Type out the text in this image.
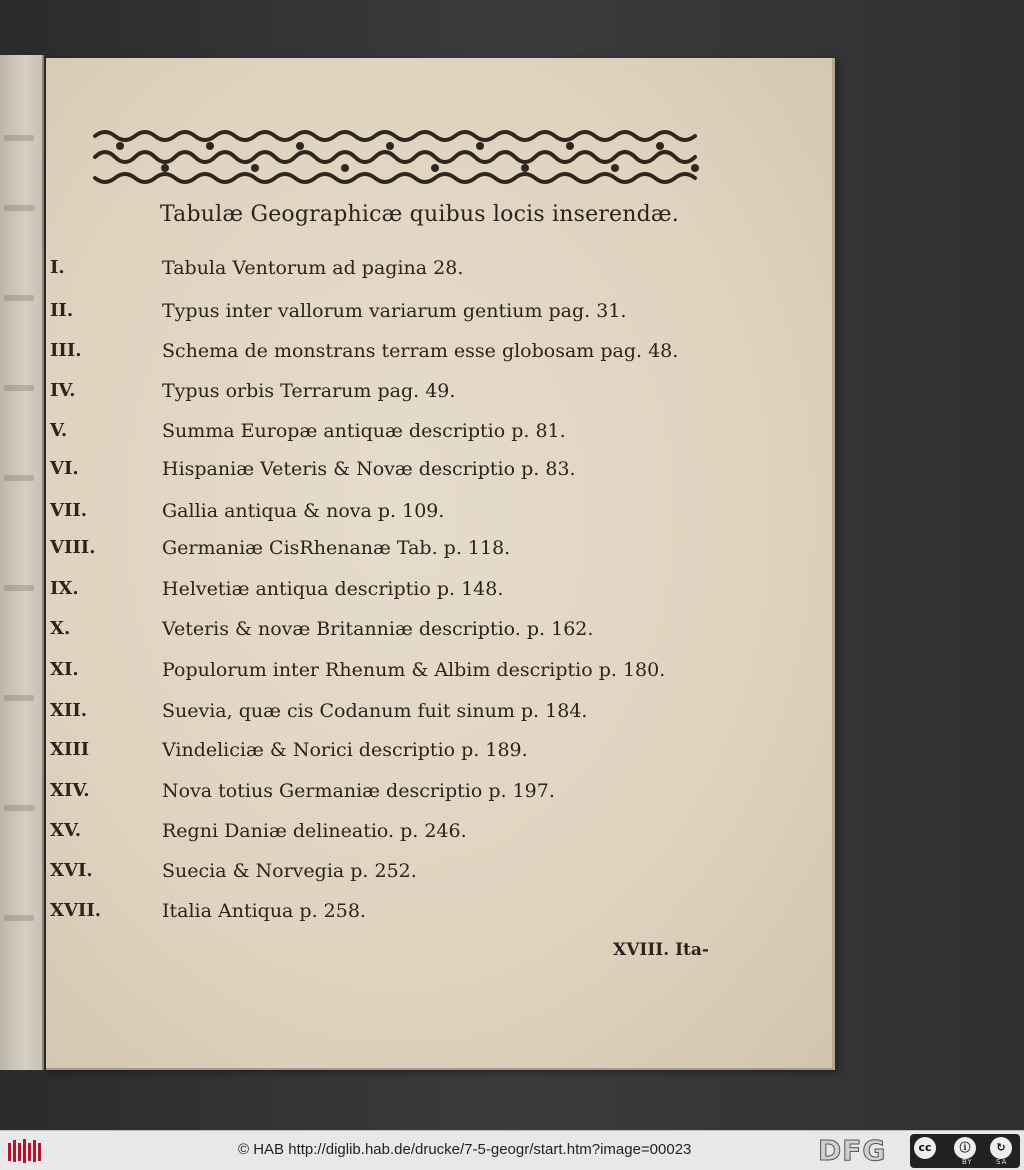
Tabulæ Geographicæ quibus locis inserendæ.
I.	Tabula Ventorum ad pagina 28.
II.	Typus inter vallorum variarum gentium pag. 31.
III.	Schema de monstrans terram esse globosam pag. 48.
IV.	Typus orbis Terrarum pag. 49.
V.	Summa Europæ antiquæ descriptio p. 81.
VI.	Hispaniæ Veteris & Novæ descriptio p. 83.
VII.	Gallia antiqua & nova p. 109.
VIII.	Germaniæ CisRhenanæ Tab. p. 118.
IX.	Helvetiæ antiqua descriptio p. 148.
X.	Veteris & novæ Britanniæ descriptio. p. 162.
XI.	Populorum inter Rhenum & Albim descriptio p. 180.
XII.	Suevia, quæ cis Codanum fuit sinum p. 184.
XIII	Vindeliciæ & Norici descriptio p. 189.
XIV.	Nova totius Germaniæ descriptio p. 197.
XV.	Regni Daniæ delineatio. p. 246.
XVI.	Suecia & Norvegia p. 252.
XVII.	Italia Antiqua p. 258.
XVIII. Ita-
© HAB http://diglib.hab.de/drucke/7-5-geogr/start.htm?image=00023	DFG	cc	ⓘ	↻
BY	SA
